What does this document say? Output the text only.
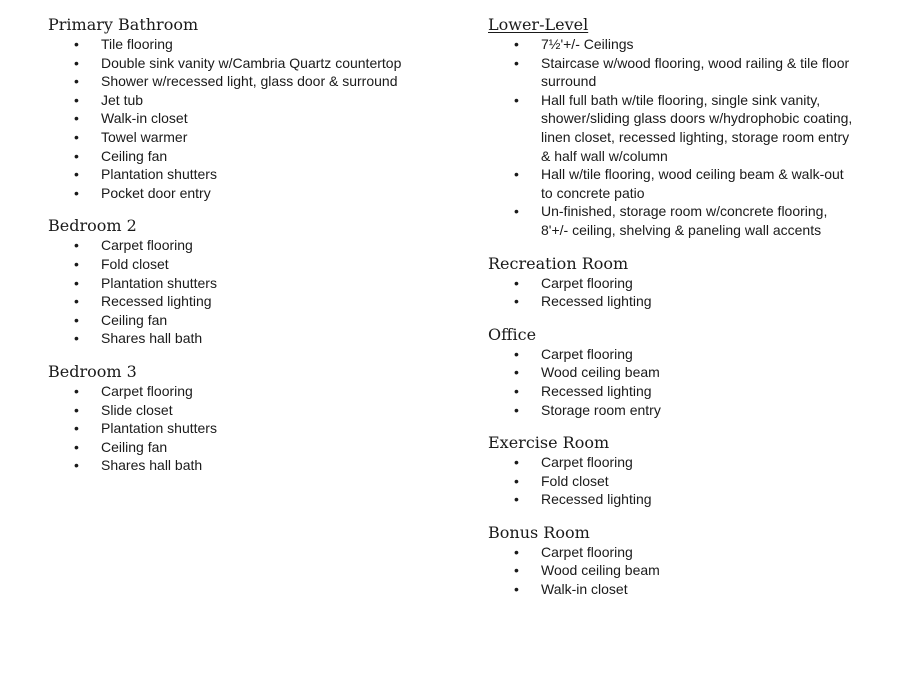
Primary Bathroom
• Tile flooring
• Double sink vanity w/Cambria Quartz countertop
• Shower w/recessed light, glass door & surround
• Jet tub
• Walk-in closet
• Towel warmer
• Ceiling fan
• Plantation shutters
• Pocket door entry
Bedroom 2
• Carpet flooring
• Fold closet
• Plantation shutters
• Recessed lighting
• Ceiling fan
• Shares hall bath
Bedroom 3
• Carpet flooring
• Slide closet
• Plantation shutters
• Ceiling fan
• Shares hall bath
Lower-Level
• 7½'+/- Ceilings
• Staircase w/wood flooring, wood railing & tile floor
surround
• Hall full bath w/tile flooring, single sink vanity,
shower/sliding glass doors w/hydrophobic coating,
linen closet, recessed lighting, storage room entry
& half wall w/column
• Hall w/tile flooring, wood ceiling beam & walk-out
to concrete patio
• Un-finished, storage room w/concrete flooring,
8'+/- ceiling, shelving & paneling wall accents
Recreation Room
• Carpet flooring
• Recessed lighting
Office
• Carpet flooring
• Wood ceiling beam
• Recessed lighting
• Storage room entry
Exercise Room
• Carpet flooring
• Fold closet
• Recessed lighting
Bonus Room
• Carpet flooring
• Wood ceiling beam
• Walk-in closet
